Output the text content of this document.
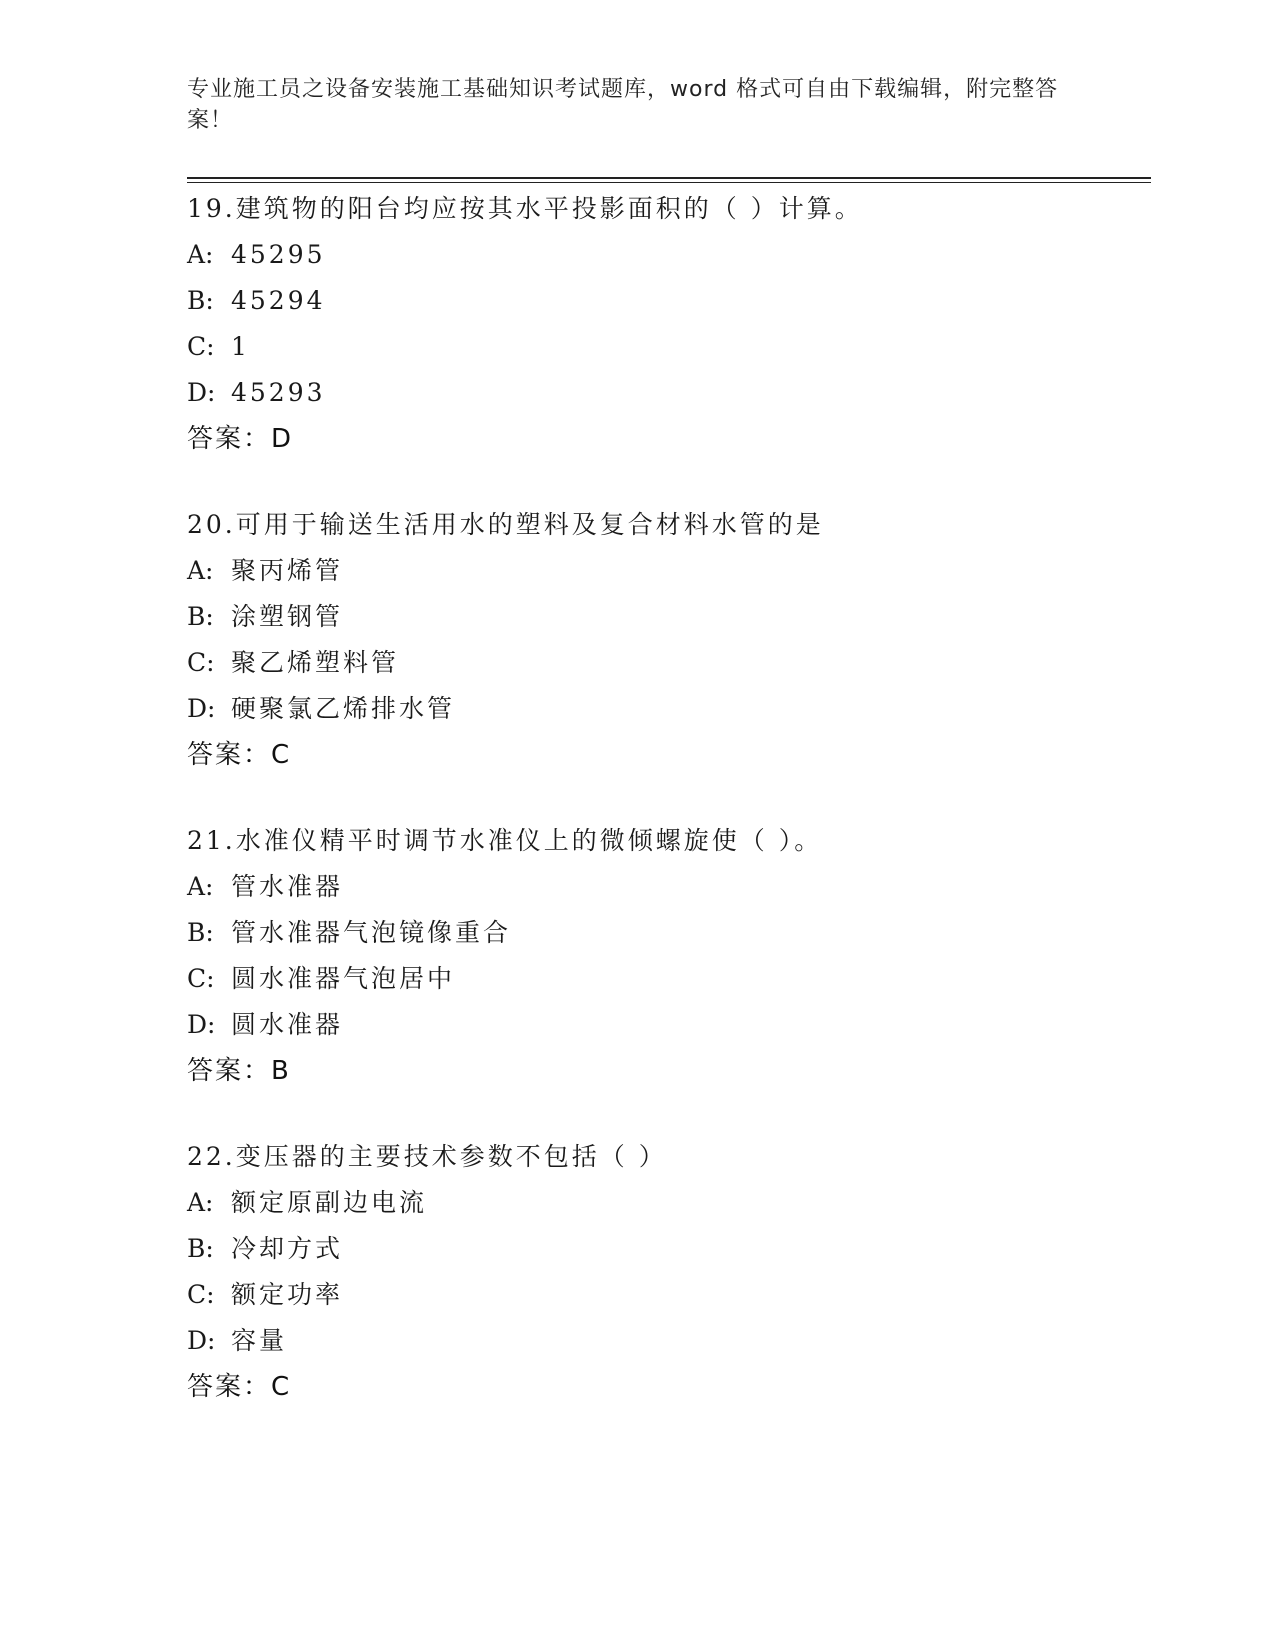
专业施工员之设备安装施工基础知识考试题库，word 格式可自由下载编辑，附完整答案！
19.建筑物的阳台均应按其水平投影面积的（ ）计算。
A: 45295
B: 45294
C: 1
D: 45293
答案：D
20.可用于输送生活用水的塑料及复合材料水管的是
A: 聚丙烯管
B: 涂塑钢管
C: 聚乙烯塑料管
D: 硬聚氯乙烯排水管
答案：C
21.水准仪精平时调节水准仪上的微倾螺旋使（ ）。
A: 管水准器
B: 管水准器气泡镜像重合
C: 圆水准器气泡居中
D: 圆水准器
答案：B
22.变压器的主要技术参数不包括（ ）
A: 额定原副边电流
B: 冷却方式
C: 额定功率
D: 容量
答案：C
